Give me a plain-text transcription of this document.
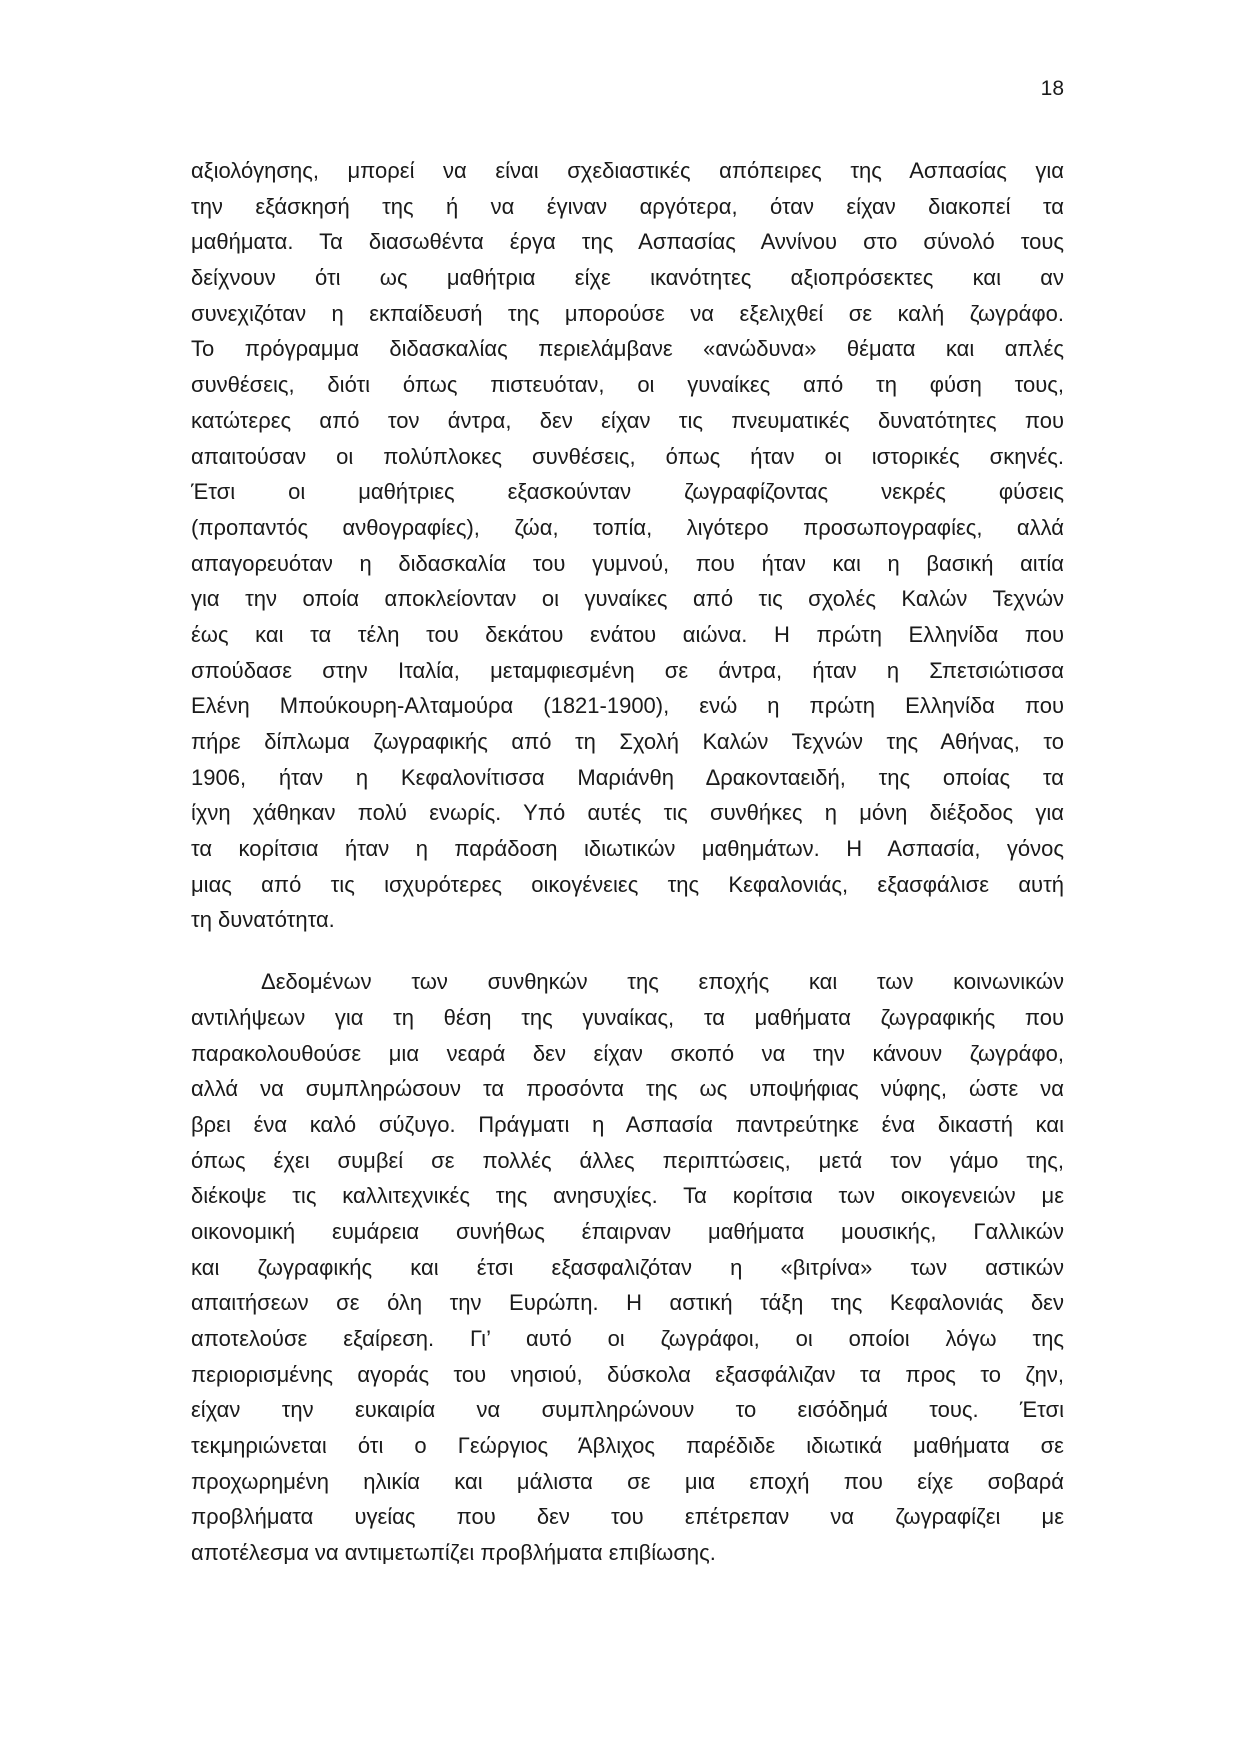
18
αξιολόγησης, μπορεί να είναι σχεδιαστικές απόπειρες της Ασπασίας για
την εξάσκησή της ή να έγιναν αργότερα, όταν είχαν διακοπεί τα
μαθήματα. Τα διασωθέντα έργα της Ασπασίας Αννίνου στο σύνολό τους
δείχνουν ότι ως μαθήτρια είχε ικανότητες αξιοπρόσεκτες και αν
συνεχιζόταν η εκπαίδευσή της μπορούσε να εξελιχθεί σε καλή ζωγράφο.
Το πρόγραμμα διδασκαλίας περιελάμβανε «ανώδυνα» θέματα και απλές
συνθέσεις, διότι όπως πιστευόταν, οι γυναίκες από τη φύση τους,
κατώτερες από τον άντρα, δεν είχαν τις πνευματικές δυνατότητες που
απαιτούσαν οι πολύπλοκες συνθέσεις, όπως ήταν οι ιστορικές σκηνές.
Έτσι οι μαθήτριες εξασκούνταν ζωγραφίζοντας νεκρές φύσεις
(προπαντός ανθογραφίες), ζώα, τοπία, λιγότερο προσωπογραφίες, αλλά
απαγορευόταν η διδασκαλία του γυμνού, που ήταν και η βασική αιτία
για την οποία αποκλείονταν οι γυναίκες από τις σχολές Καλών Τεχνών
έως και τα τέλη του δεκάτου ενάτου αιώνα. Η πρώτη Ελληνίδα που
σπούδασε στην Ιταλία, μεταμφιεσμένη σε άντρα, ήταν η Σπετσιώτισσα
Ελένη Μπούκουρη-Αλταμούρα (1821-1900), ενώ η πρώτη Ελληνίδα που
πήρε δίπλωμα ζωγραφικής από τη Σχολή Καλών Τεχνών της Αθήνας, το
1906, ήταν η Κεφαλονίτισσα Μαριάνθη Δρακονταειδή, της οποίας τα
ίχνη χάθηκαν πολύ ενωρίς. Υπό αυτές τις συνθήκες η μόνη διέξοδος για
τα κορίτσια ήταν η παράδοση ιδιωτικών μαθημάτων. Η Ασπασία, γόνος
μιας από τις ισχυρότερες οικογένειες της Κεφαλονιάς, εξασφάλισε αυτή
τη δυνατότητα.
Δεδομένων των συνθηκών της εποχής και των κοινωνικών
αντιλήψεων για τη θέση της γυναίκας, τα μαθήματα ζωγραφικής που
παρακολουθούσε μια νεαρά δεν είχαν σκοπό να την κάνουν ζωγράφο,
αλλά να συμπληρώσουν τα προσόντα της ως υποψήφιας νύφης, ώστε να
βρει ένα καλό σύζυγο. Πράγματι η Ασπασία παντρεύτηκε ένα δικαστή και
όπως έχει συμβεί σε πολλές άλλες περιπτώσεις, μετά τον γάμο της,
διέκοψε τις καλλιτεχνικές της ανησυχίες. Τα κορίτσια των οικογενειών με
οικονομική ευμάρεια συνήθως έπαιρναν μαθήματα μουσικής, Γαλλικών
και ζωγραφικής και έτσι εξασφαλιζόταν η «βιτρίνα» των αστικών
απαιτήσεων σε όλη την Ευρώπη. Η αστική τάξη της Κεφαλονιάς δεν
αποτελούσε εξαίρεση. Γι’ αυτό οι ζωγράφοι, οι οποίοι λόγω της
περιορισμένης αγοράς του νησιού, δύσκολα εξασφάλιζαν τα προς το ζην,
είχαν την ευκαιρία να συμπληρώνουν το εισόδημά τους. Έτσι
τεκμηριώνεται ότι ο Γεώργιος Άβλιχος παρέδιδε ιδιωτικά μαθήματα σε
προχωρημένη ηλικία και μάλιστα σε μια εποχή που είχε σοβαρά
προβλήματα υγείας που δεν του επέτρεπαν να ζωγραφίζει με
αποτέλεσμα να αντιμετωπίζει προβλήματα επιβίωσης.
